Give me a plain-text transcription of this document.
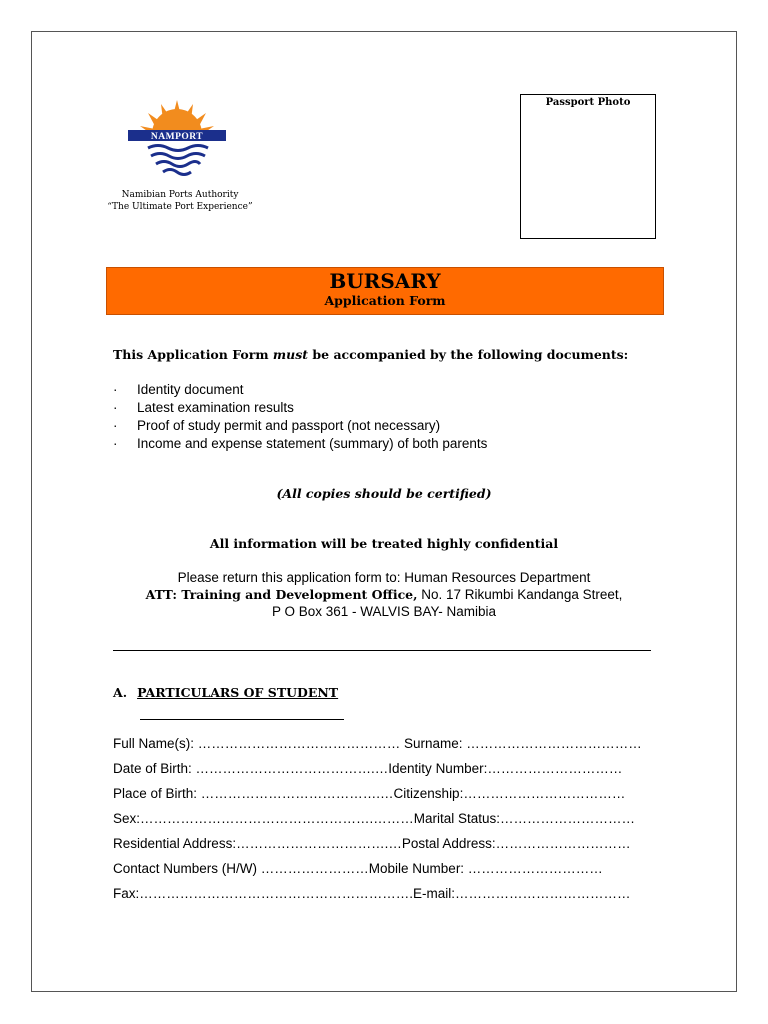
NAMPORT
Namibian Ports Authority
“The Ultimate Port Experience”
Passport Photo
BURSARY
Application Form
This Application Form must be accompanied by the following documents:
· Identity document
· Latest examination results
· Proof of study permit and passport (not necessary)
· Income and expense statement (summary) of both parents
(All copies should be certified)
All information will be treated highly confidential
Please return this application form to: Human Resources Department
ATT: Training and Development Office, No. 17 Rikumbi Kandanga Street,
P O Box 361 - WALVIS BAY- Namibia
A. PARTICULARS OF STUDENT
Full Name(s): ……………………………………… Surname: …………………………………
Date of Birth: ………………………………….…Identity Number:…………………………
Place of Birth: ………………………………….…Citizenship:………………………………
Sex:…………………………………………….………Marital Status:…………………………
Residential Address:…………………………….…Postal Address:…………………………
Contact Numbers (H/W) ……………………Mobile Number: …………………………
Fax:…………………………………………………….E-mail:…………………………………
